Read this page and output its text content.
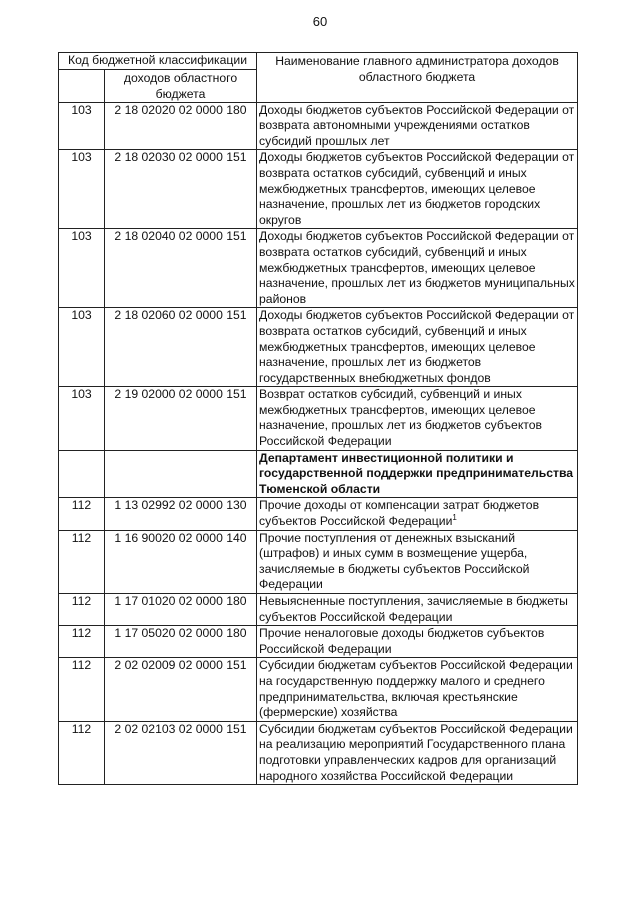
60
Код бюджетной классификации		Наименование главного администратора доходов областного бюджета
	доходов областного бюджета	
103	2 18 02020 02 0000 180	Доходы бюджетов субъектов Российской Федерации от возврата автономными учреждениями остатков субсидий прошлых лет
103	2 18 02030 02 0000 151	Доходы бюджетов субъектов Российской Федерации от возврата остатков субсидий, субвенций и иных межбюджетных трансфертов, имеющих целевое назначение, прошлых лет из бюджетов городских округов
103	2 18 02040 02 0000 151	Доходы бюджетов субъектов Российской Федерации от возврата остатков субсидий, субвенций и иных межбюджетных трансфертов, имеющих целевое назначение, прошлых лет из бюджетов муниципальных районов
103	2 18 02060 02 0000 151	Доходы бюджетов субъектов Российской Федерации от возврата остатков субсидий, субвенций и иных межбюджетных трансфертов, имеющих целевое назначение, прошлых лет из бюджетов государственных внебюджетных фондов
103	2 19 02000 02 0000 151	Возврат остатков субсидий, субвенций и иных межбюджетных трансфертов, имеющих целевое назначение, прошлых лет из бюджетов субъектов Российской Федерации
		Департамент инвестиционной политики и государственной поддержки предпринимательства Тюменской области
112	1 13 02992 02 0000 130	Прочие доходы от компенсации затрат бюджетов субъектов Российской Федерации$^1$
112	1 16 90020 02 0000 140	Прочие поступления от денежных взысканий (штрафов) и иных сумм в возмещение ущерба, зачисляемые в бюджеты субъектов Российской Федерации
112	1 17 01020 02 0000 180	Невыясненные поступления, зачисляемые в бюджеты субъектов Российской Федерации
112	1 17 05020 02 0000 180	Прочие неналоговые доходы бюджетов субъектов Российской Федерации
112	2 02 02009 02 0000 151	Субсидии бюджетам субъектов Российской Федерации на государственную поддержку малого и среднего предпринимательства, включая крестьянские (фермерские) хозяйства
112	2 02 02103 02 0000 151	Субсидии бюджетам субъектов Российской Федерации на реализацию мероприятий Государственного плана подготовки управленческих кадров для организаций народного хозяйства Российской Федерации
